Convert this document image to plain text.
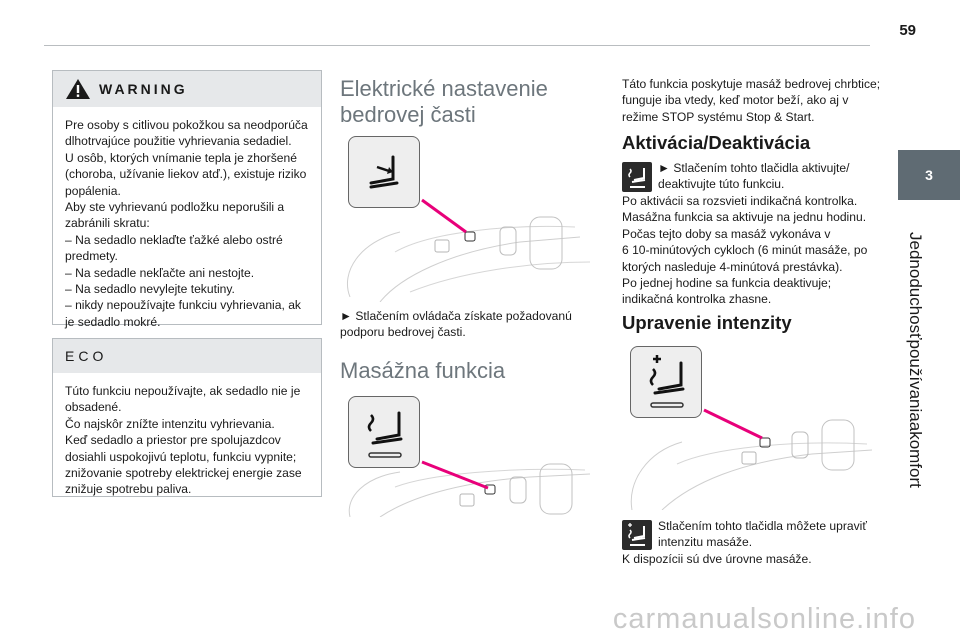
59
3
Jednoduchosťpoužívaniaakomfort
WARNING

Pre osoby s citlivou pokožkou sa neodporúča

dlhotrvajúce použitie vyhrievania sedadiel.

U osôb, ktorých vnímanie tepla je zhoršené

(choroba, užívanie liekov atď.), existuje riziko

popálenia.

Aby ste vyhrievanú podložku neporušili a

zabránili skratu:

– Na sedadlo neklaďte ťažké alebo ostré

predmety.

– Na sedadle nekľačte ani nestojte.

– Na sedadlo nevylejte tekutiny.

– nikdy nepoužívajte funkciu vyhrievania, ak

je sedadlo mokré.

ECO

Túto funkciu nepoužívajte, ak sedadlo nie je

obsadené.

Čo najskôr znížte intenzitu vyhrievania.

Keď sedadlo a priestor pre spolujazdcov

dosiahli uspokojivú teplotu, funkciu vypnite;

znižovanie spotreby elektrickej energie zase

znižuje spotrebu paliva.

Elektrické nastavenie
bedrovej časti

► Stlačením ovládača získate požadovanú

podporu bedrovej časti.

Masážna funkcia

Táto funkcia poskytuje masáž bedrovej chrbtice;

funguje iba vtedy, keď motor beží, ako aj v

režime STOP systému Stop & Start.

Aktivácia/Deaktivácia

► Stlačením tohto tlačidla aktivujte/

deaktivujte túto funkciu.

Po aktivácii sa rozsvieti indikačná kontrolka.

Masážna funkcia sa aktivuje na jednu hodinu.

Počas tejto doby sa masáž vykonáva v

6 10-minútových cykloch (6 minút masáže, po

ktorých nasleduje 4-minútová prestávka).

Po jednej hodine sa funkcia deaktivuje;

indikačná kontrolka zhasne.

Upravenie intenzity

Stlačením tohto tlačidla môžete upraviť

intenzitu masáže.

K dispozícii sú dve úrovne masáže.
carmanualsonline.info
